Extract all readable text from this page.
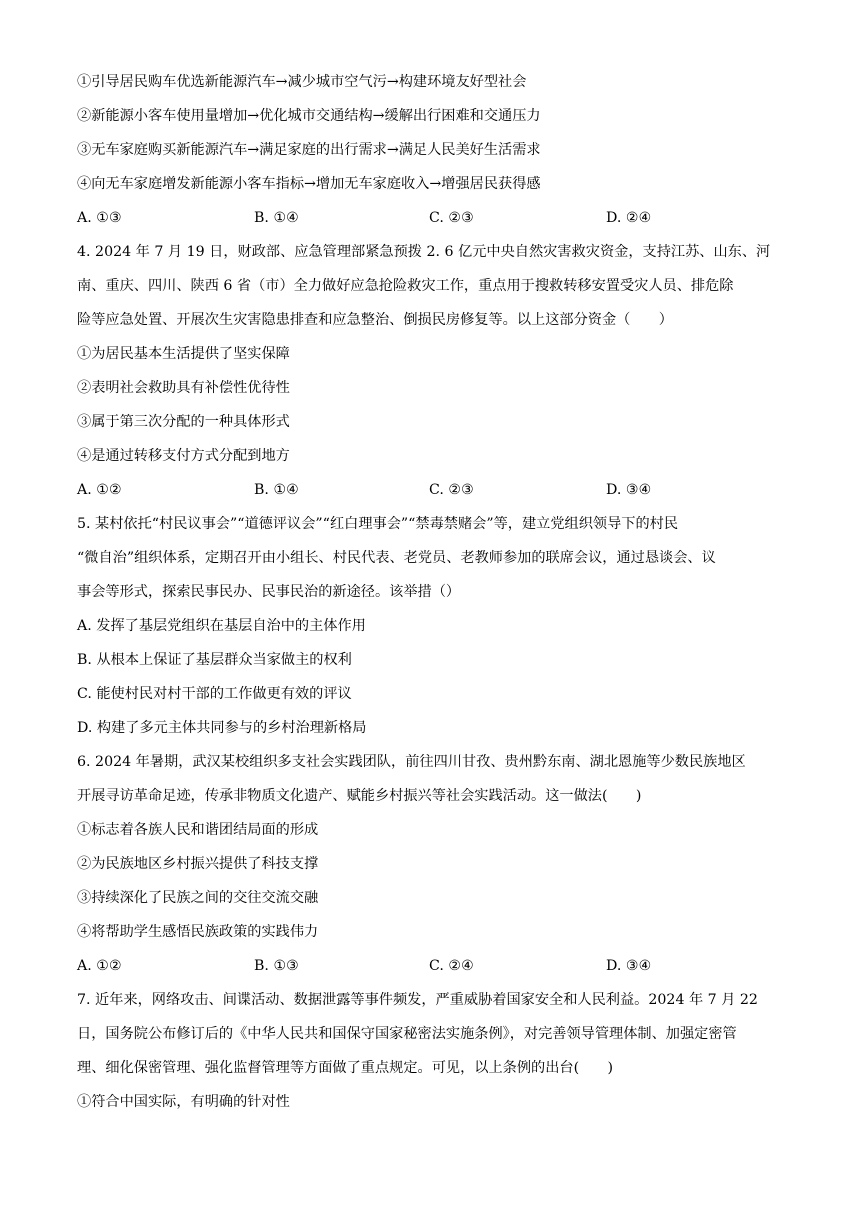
①引导居民购车优选新能源汽车→减少城市空气污→构建环境友好型社会
②新能源小客车使用量增加→优化城市交通结构→缓解出行困难和交通压力
③无车家庭购买新能源汽车→满足家庭的出行需求→满足人民美好生活需求
④向无车家庭增发新能源小客车指标→增加无车家庭收入→增强居民获得感
A. ①③	B. ①④	C. ②③	D. ②④
4. 2024 年 7 月 19 日，财政部、应急管理部紧急预拨 2. 6 亿元中央自然灾害救灾资金，支持江苏、山东、河
南、重庆、四川、陕西 6 省（市）全力做好应急抢险救灾工作，重点用于搜救转移安置受灾人员、排危除
险等应急处置、开展次生灾害隐患排查和应急整治、倒损民房修复等。以上这部分资金（　　）
①为居民基本生活提供了坚实保障
②表明社会救助具有补偿性优待性
③属于第三次分配的一种具体形式
④是通过转移支付方式分配到地方
A. ①②	B. ①④	C. ②③	D. ③④
5. 某村依托“村民议事会”“道德评议会”“红白理事会”“禁毒禁赌会”等，建立党组织领导下的村民
“微自治”组织体系，定期召开由小组长、村民代表、老党员、老教师参加的联席会议，通过恳谈会、议
事会等形式，探索民事民办、民事民治的新途径。该举措（）
A. 发挥了基层党组织在基层自治中的主体作用
B. 从根本上保证了基层群众当家做主的权利
C. 能使村民对村干部的工作做更有效的评议
D. 构建了多元主体共同参与的乡村治理新格局
6. 2024 年暑期，武汉某校组织多支社会实践团队，前往四川甘孜、贵州黔东南、湖北恩施等少数民族地区
开展寻访革命足迹，传承非物质文化遗产、赋能乡村振兴等社会实践活动。这一做法(　　)
①标志着各族人民和谐团结局面的形成
②为民族地区乡村振兴提供了科技支撑
③持续深化了民族之间的交往交流交融
④将帮助学生感悟民族政策的实践伟力
A. ①②	B. ①③	C. ②④	D. ③④
7. 近年来，网络攻击、间谍活动、数据泄露等事件频发，严重威胁着国家安全和人民利益。2024 年 7 月 22
日，国务院公布修订后的《中华人民共和国保守国家秘密法实施条例》，对完善领导管理体制、加强定密管
理、细化保密管理、强化监督管理等方面做了重点规定。可见，以上条例的出台(　　)
①符合中国实际，有明确的针对性
